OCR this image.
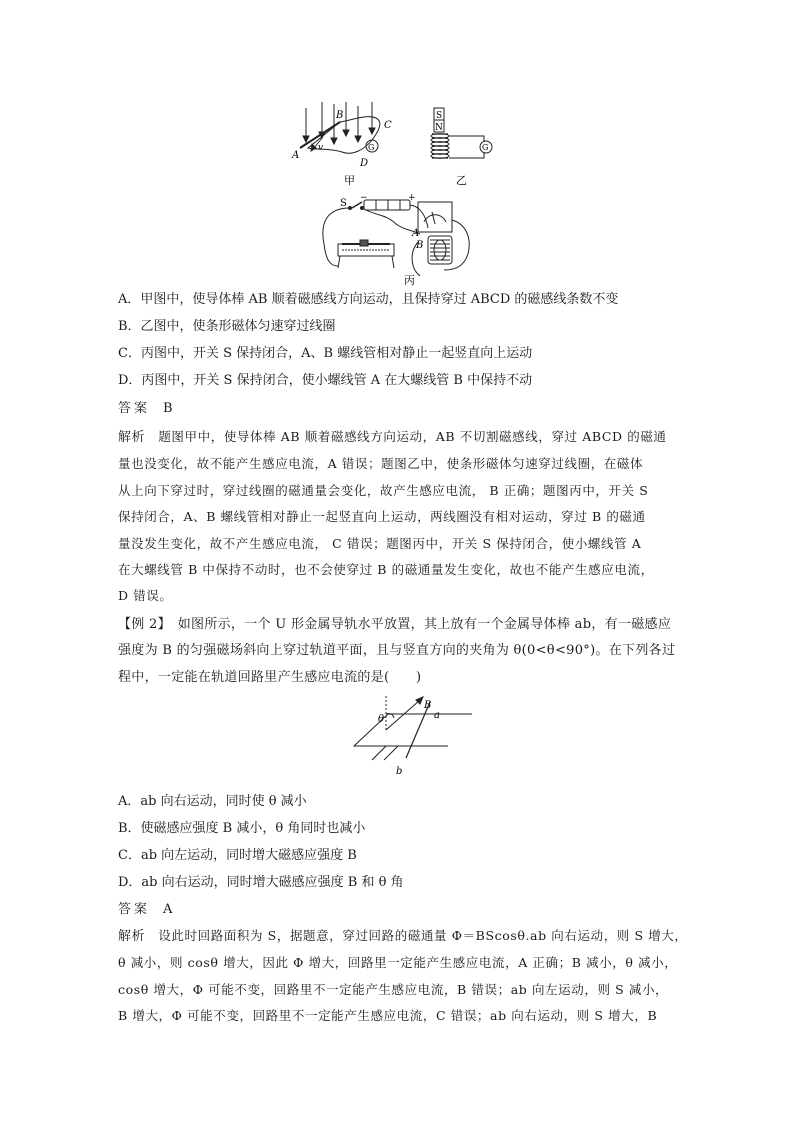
A
B
C
D
v	G
甲
S
N
G
乙
S −	+
A
B
丙
A．甲图中，使导体棒 AB 顺着磁感线方向运动，且保持穿过 ABCD 的磁感线条数不变
B．乙图中，使条形磁体匀速穿过线圈
C．丙图中，开关 S 保持闭合，A、B 螺线管相对静止一起竖直向上运动
D．丙图中，开关 S 保持闭合，使小螺线管 A 在大螺线管 B 中保持不动
答案　 B
解析　 题图甲中，使导体棒 AB 顺着磁感线方向运动，AB 不切割磁感线，穿过 ABCD 的磁通
量也没变化，故不能产生感应电流，A 错误；题图乙中，使条形磁体匀速穿过线圈，在磁体
从上向下穿过时，穿过线圈的磁通量会变化，故产生感应电流， B 正确；题图丙中，开关 S
保持闭合，A、B 螺线管相对静止一起竖直向上运动，两线圈没有相对运动，穿过 B 的磁通
量没发生变化，故不产生感应电流， C 错误；题图丙中，开关 S 保持闭合，使小螺线管 A
在大螺线管 B 中保持不动时，也不会使穿过 B 的磁通量发生变化，故也不能产生感应电流，
D 错误。
【例 2】　 如图所示，一个 U 形金属导轨水平放置，其上放有一个金属导体棒 ab，有一磁感应
强度为 B 的匀强磁场斜向上穿过轨道平面，且与竖直方向的夹角为 θ(0<θ<90°)。在下列各过
程中，一定能在轨道回路里产生感应电流的是(　　)
θ
B
a
b
A．ab 向右运动，同时使 θ 减小
B．使磁感应强度 B 减小，θ 角同时也减小
C．ab 向左运动，同时增大磁感应强度 B
D．ab 向右运动，同时增大磁感应强度 B 和 θ 角
答案　 A
解析　 设此时回路面积为 S，据题意，穿过回路的磁通量 Φ＝BScosθ.ab 向右运动，则 S 增大，
θ 减小，则 cosθ 增大，因此 Φ 增大，回路里一定能产生感应电流，A 正确；B 减小，θ 减小，
cosθ 增大，Φ 可能不变，回路里不一定能产生感应电流，B 错误；ab 向左运动，则 S 减小，
B 增大，Φ 可能不变，回路里不一定能产生感应电流，C 错误；ab 向右运动，则 S 增大，B
